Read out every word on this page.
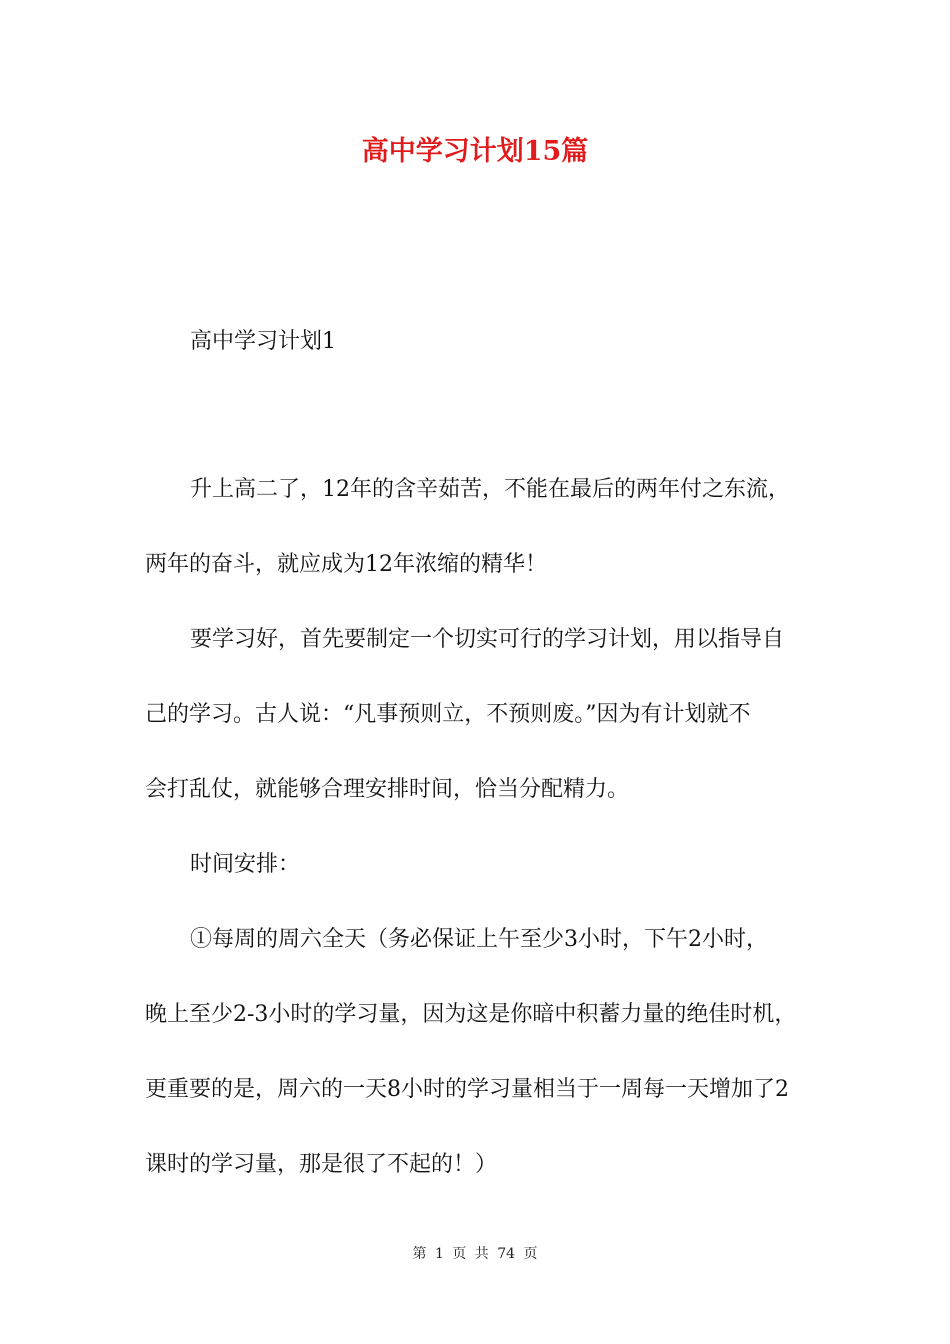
高中学习计划15篇
高中学习计划1

升上高二了，12年的含辛茹苦，不能在最后的两年付之东流，

两年的奋斗，就应成为12年浓缩的精华！

要学习好，首先要制定一个切实可行的学习计划，用以指导自

己的学习。古人说：“凡事预则立，不预则废。”因为有计划就不

会打乱仗，就能够合理安排时间，恰当分配精力。

时间安排：

①每周的周六全天（务必保证上午至少3小时，下午2小时，

晚上至少2-3小时的学习量，因为这是你暗中积蓄力量的绝佳时机，

更重要的是，周六的一天8小时的学习量相当于一周每一天增加了2

课时的学习量，那是很了不起的！）

第 1 页 共 74 页
